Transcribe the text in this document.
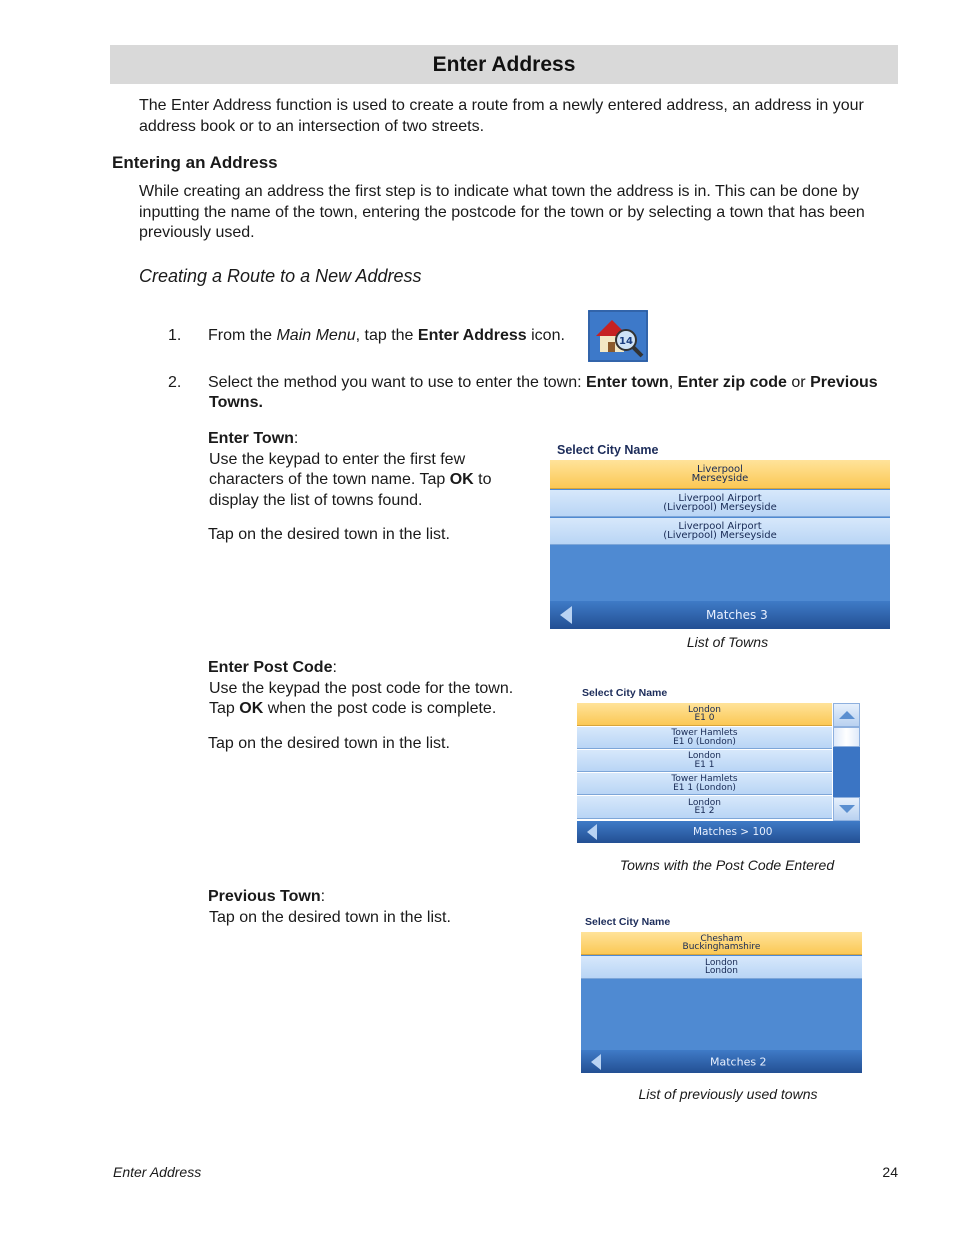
Enter Address
The Enter Address function is used to create a route from a newly entered address, an address in your address book or to an intersection of two streets.
Entering an Address
While creating an address the first step is to indicate what town the address is in. This can be done by inputting the name of the town, entering the postcode for the town or by selecting a town that has been previously used.
Creating a Route to a New Address
1. From the Main Menu, tap the Enter Address icon.	14
2. Select the method you want to use to enter the town: Enter town, Enter zip code or Previous
Towns.
Enter Town:
Use the keypad to enter the first few
characters of the town name. Tap OK to
display the list of towns found.
Tap on the desired town in the list.
Select City Name
Liverpool
Merseyside
Liverpool Airport
(Liverpool) Merseyside
Liverpool Airport
(Liverpool) Merseyside
Matches 3
List of Towns
Enter Post Code:
Use the keypad the post code for the town.
Tap OK when the post code is complete.
Tap on the desired town in the list.
Select City Name
London
E1 0
Tower Hamlets
E1 0 (London)
London
E1 1
Tower Hamlets
E1 1 (London)
London
E1 2
Matches > 100
Towns with the Post Code Entered
Previous Town:
Tap on the desired town in the list.	Select City Name
Chesham
Buckinghamshire
London
London
Matches 2
List of previously used towns
Enter Address	24
